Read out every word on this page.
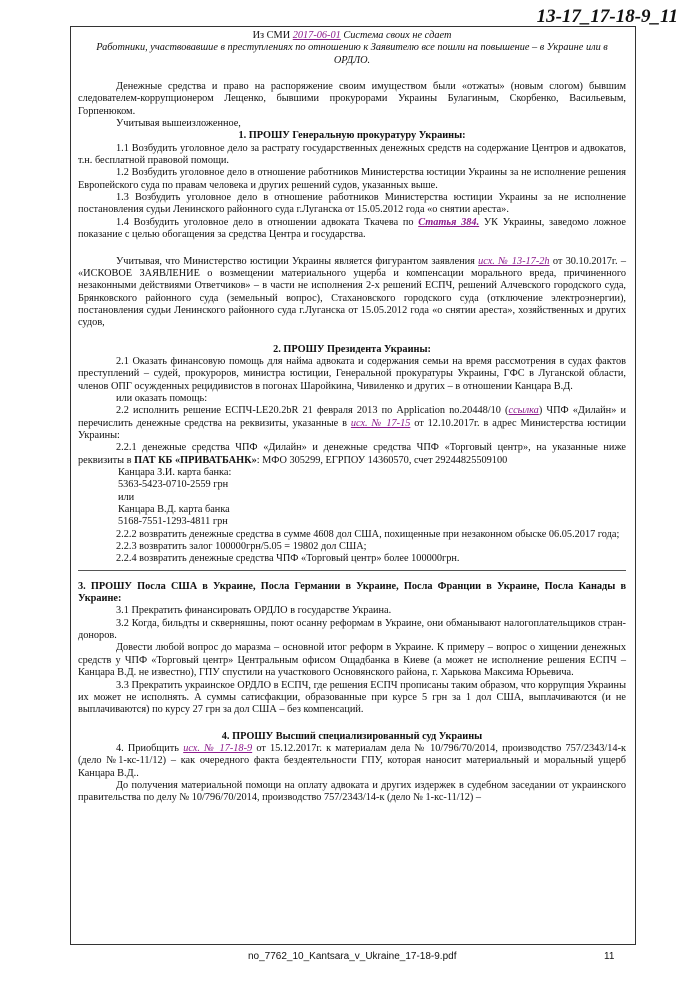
13-17_17-18-9_11

Из СМИ 2017-06-01 Система своих не сдает

Работники, участвовавшие в преступлениях по отношению к Заявителю все пошли на повышение – в Украине или в ОРДЛО.

Денежные средства и право на распоряжение своим имуществом были «отжаты» (новым слогом) бывшим следователем-коррупционером Лещенко, бывшими прокурорами Украины Булагиным, Скорбенко, Васильевым, Горпенюком.

Учитывая вышеизложенное,

1. ПРОШУ Генеральную прокуратуру Украины:

1.1 Возбудить уголовное дело за растрату государственных денежных средств на содержание Центров и адвокатов, т.н. бесплатной правовой помощи.

1.2 Возбудить уголовное дело в отношение работников Министерства юстиции Украины за не исполнение решения Европейского суда по правам человека и других решений судов, указанных выше.

1.3 Возбудить уголовное дело в отношение работников Министерства юстиции Украины за не исполнение постановления судьи Ленинского районного суда г.Луганска от 15.05.2012 года «о снятии ареста».

1.4 Возбудить уголовное дело в отношении адвоката Ткачева по Статья 384. УК Украины, заведомо ложное показание с целью обогащения за средства Центра и государства.

Учитывая, что Министерство юстиции Украины является фигурантом заявления исх. № 13-17-2h от 30.10.2017г. – «ИСКОВОЕ ЗАЯВЛЕНИЕ о возмещении материального ущерба и компенсации морального вреда, причиненного незаконными действиями Ответчиков» – в части не исполнения 2-х решений ЕСПЧ, решений Алчевского городского суда, Брянковского районного суда (земельный вопрос), Стахановского городского суда (отключение электроэнергии), постановления судьи Ленинского районного суда г.Луганска от 15.05.2012 года «о снятии ареста», хозяйственных и других судов,

2. ПРОШУ Президента Украины:

2.1 Оказать финансовую помощь для найма адвоката и содержания семьи на время рассмотрения в судах фактов преступлений – судей, прокуроров, министра юстиции, Генеральной прокуратуры Украины, ГФС в Луганской области, членов ОПГ осужденных рецидивистов в погонах Шаройкина, Чивиленко и других – в отношении Канцара В.Д.

или оказать помощь:

2.2 исполнить решение ЕСПЧ-LE20.2bR 21 февраля 2013 по Application no.20448/10 (ссылка) ЧПФ «Дилайн» и перечислить денежные средства на реквизиты, указанные в исх. № 17-15 от 12.10.2017г. в адрес Министерства юстиции Украины:

2.2.1 денежные средства ЧПФ «Дилайн» и денежные средства ЧПФ «Торговый центр», на указанные ниже реквизиты в ПАТ КБ «ПРИВАТБАНК»: МФО 305299, ЕГРПОУ 14360570, счет 29244825509100

Канцара З.И. карта банка:

5363-5423-0710-2559 грн

или

Канцара В.Д. карта банка

5168-7551-1293-4811 грн

2.2.2 возвратить денежные средства в сумме 4608 дол США, похищенные при незаконном обыске 06.05.2017 года;

2.2.3 возвратить залог 100000грн/5.05 = 19802 дол США;

2.2.4 возвратить денежные средства ЧПФ «Торговый центр» более 100000грн.

3. ПРОШУ Посла США в Украине, Посла Германии в Украине, Посла Франции в Украине, Посла Канады в Украине:

3.1 Прекратить финансировать ОРДЛО в государстве Украина.

3.2 Когда, бильдты и скверняшны, поют осанну реформам в Украине, они обманывают налогоплательщиков стран-доноров.

Довести любой вопрос до маразма – основной итог реформ в Украине. К примеру – вопрос о хищении денежных средств у ЧПФ «Торговый центр» Центральным офисом Ощадбанка в Киеве (а может не исполнение решения ЕСПЧ – Канцара В.Д. не известно), ГПУ спустили на участкового Основянского района, г. Харькова Максима Юрьевича.

3.3 Прекратить украинское ОРДЛО в ЕСПЧ, где решения ЕСПЧ прописаны таким образом, что коррупция Украины их может не исполнять. А суммы сатисфакции, образованные при курсе 5 грн за 1 дол США, выплачиваются (и не выплачиваются) по курсу 27 грн за дол США – без компенсаций.

4. ПРОШУ Высший специализированный суд Украины

4. Приобщить исх. № 17-18-9 от 15.12.2017г. к материалам дела № 10/796/70/2014, производство 757/2343/14-к (дело №1-кс-11/12) – как очередного факта бездеятельности ГПУ, которая наносит материальный и моральный ущерб Канцара В.Д..

До получения материальной помощи на оплату адвоката и других издержек в судебном заседании от украинского правительства по делу № 10/796/70/2014, производство 757/2343/14-к (дело № 1-кс-11/12) –

no_7762_10_Kantsara_v_Ukraine_17-18-9.pdf	11
